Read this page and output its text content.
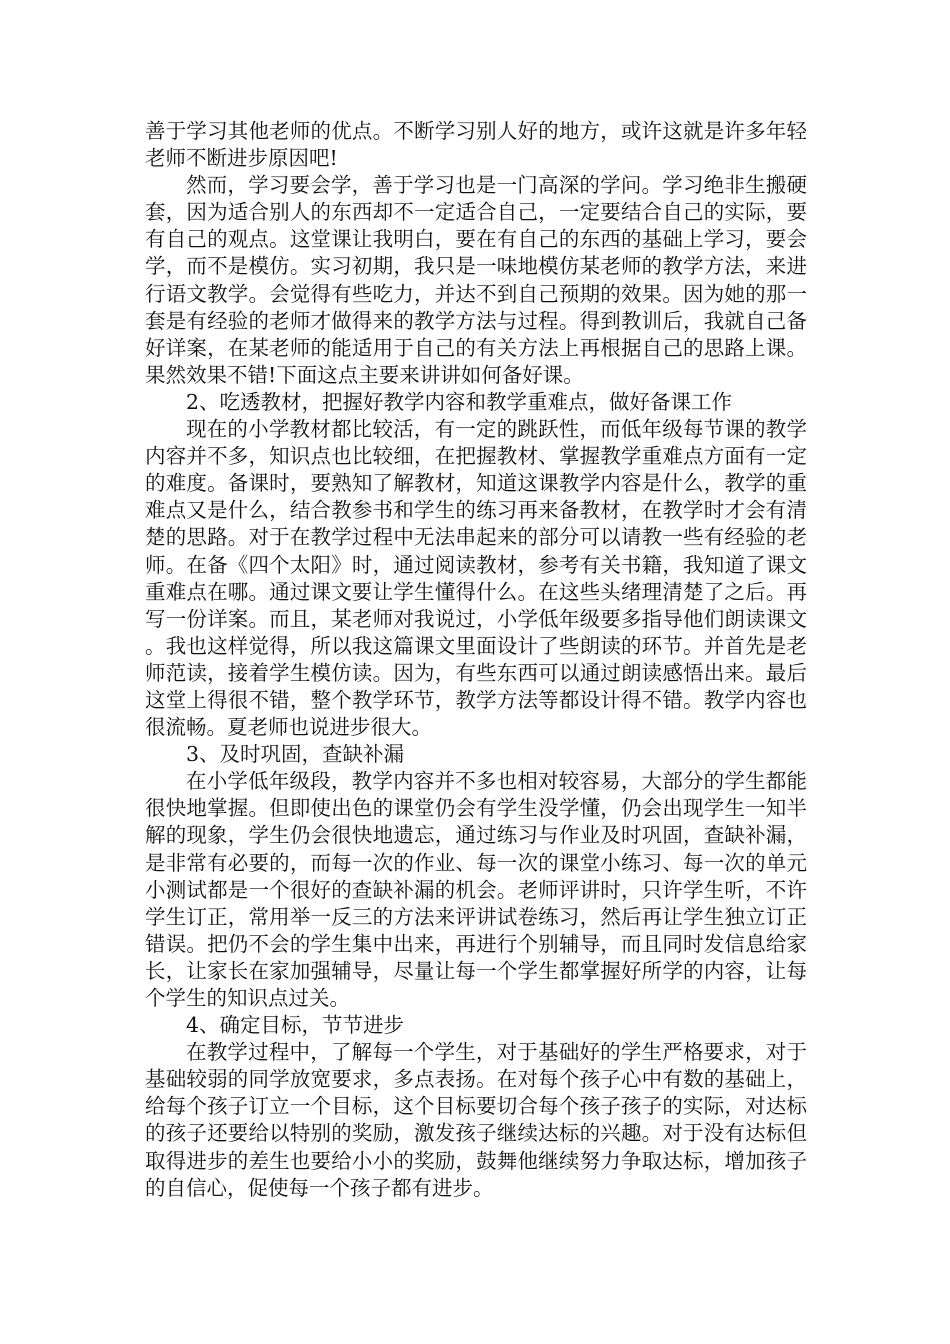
善于学习其他老师的优点。不断学习别人好的地方，或许这就是许多年轻老师不断进步原因吧!

然而，学习要会学，善于学习也是一门高深的学问。学习绝非生搬硬套，因为适合别人的东西却不一定适合自己，一定要结合自己的实际，要有自己的观点。这堂课让我明白，要在有自己的东西的基础上学习，要会学，而不是模仿。实习初期，我只是一味地模仿某老师的教学方法，来进行语文教学。会觉得有些吃力，并达不到自己预期的效果。因为她的那一套是有经验的老师才做得来的教学方法与过程。得到教训后，我就自己备好详案，在某老师的能适用于自己的有关方法上再根据自己的思路上课。果然效果不错!下面这点主要来讲讲如何备好课。

2、吃透教材，把握好教学内容和教学重难点，做好备课工作

现在的小学教材都比较活，有一定的跳跃性，而低年级每节课的教学内容并不多，知识点也比较细，在把握教材、掌握教学重难点方面有一定的难度。备课时，要熟知了解教材，知道这课教学内容是什么，教学的重难点又是什么，结合教参书和学生的练习再来备教材，在教学时才会有清楚的思路。对于在教学过程中无法串起来的部分可以请教一些有经验的老师。在备《四个太阳》时，通过阅读教材，参考有关书籍，我知道了课文重难点在哪。通过课文要让学生懂得什么。在这些头绪理清楚了之后。再写一份详案。而且，某老师对我说过，小学低年级要多指导他们朗读课文。我也这样觉得，所以我这篇课文里面设计了些朗读的环节。并首先是老师范读，接着学生模仿读。因为，有些东西可以通过朗读感悟出来。最后这堂上得很不错，整个教学环节，教学方法等都设计得不错。教学内容也很流畅。夏老师也说进步很大。

3、及时巩固，查缺补漏

在小学低年级段，教学内容并不多也相对较容易，大部分的学生都能很快地掌握。但即使出色的课堂仍会有学生没学懂，仍会出现学生一知半解的现象，学生仍会很快地遗忘，通过练习与作业及时巩固，查缺补漏，是非常有必要的，而每一次的作业、每一次的课堂小练习、每一次的单元小测试都是一个很好的查缺补漏的机会。老师评讲时，只许学生听，不许学生订正，常用举一反三的方法来评讲试卷练习，然后再让学生独立订正错误。把仍不会的学生集中出来，再进行个别辅导，而且同时发信息给家长，让家长在家加强辅导，尽量让每一个学生都掌握好所学的内容，让每个学生的知识点过关。

4、确定目标，节节进步

在教学过程中，了解每一个学生，对于基础好的学生严格要求，对于基础较弱的同学放宽要求，多点表扬。在对每个孩子心中有数的基础上，给每个孩子订立一个目标，这个目标要切合每个孩子孩子的实际，对达标的孩子还要给以特别的奖励，激发孩子继续达标的兴趣。对于没有达标但取得进步的差生也要给小小的奖励，鼓舞他继续努力争取达标，增加孩子的自信心，促使每一个孩子都有进步。
